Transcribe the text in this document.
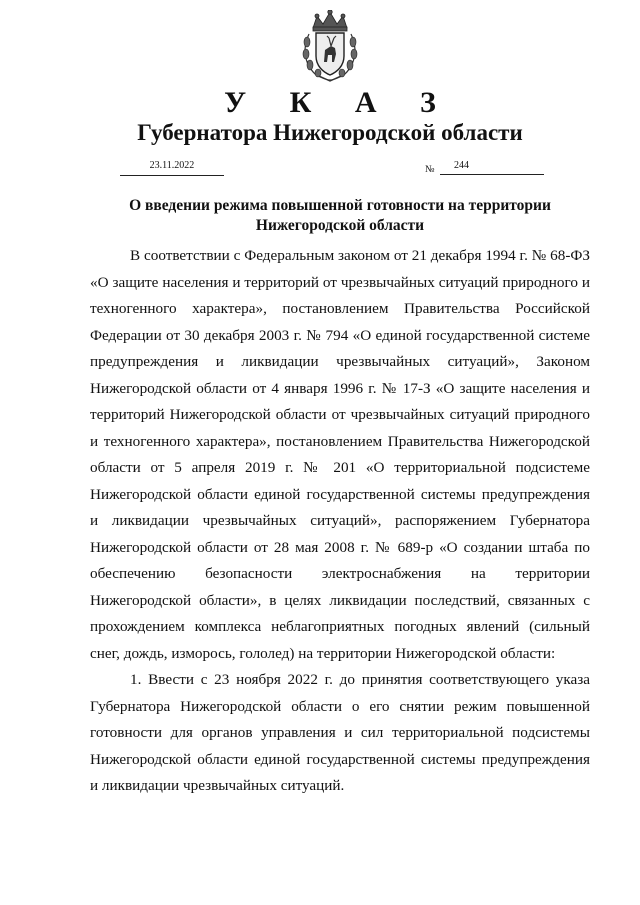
У К А З
Губернатора Нижегородской области
23.11.2022	№	244
О введении режима повышенной готовности на территории
Нижегородской области

В соответствии с Федеральным законом от 21 декабря 1994 г. № 68-ФЗ «О защите населения и территорий от чрезвычайных ситуаций природного и техногенного характера», постановлением Правительства Российской Федерации от 30 декабря 2003 г. № 794 «О единой государственной системе предупреждения и ликвидации чрезвычайных ситуаций», Законом Нижегородской области от 4 января 1996 г. № 17-З «О защите населения и территорий Нижегородской области от чрезвычайных ситуаций природного и техногенного характера», постановлением Правительства Нижегородской области от 5 апреля 2019 г. № 201 «О территориальной подсистеме Нижегородской области единой государственной системы предупреждения и ликвидации чрезвычайных ситуаций», распоряжением Губернатора Нижегородской области от 28 мая 2008 г. № 689-р «О создании штаба по обеспечению безопасности электроснабжения на территории Нижегородской области», в целях ликвидации последствий, связанных с прохождением комплекса неблагоприятных погодных явлений (сильный снег, дождь, изморось, гололед) на территории Нижегородской области:

1. Ввести с 23 ноября 2022 г. до принятия соответствующего указа Губернатора Нижегородской области о его снятии режим повышенной готовности для органов управления и сил территориальной подсистемы Нижегородской области единой государственной системы предупреждения и ликвидации чрезвычайных ситуаций.
